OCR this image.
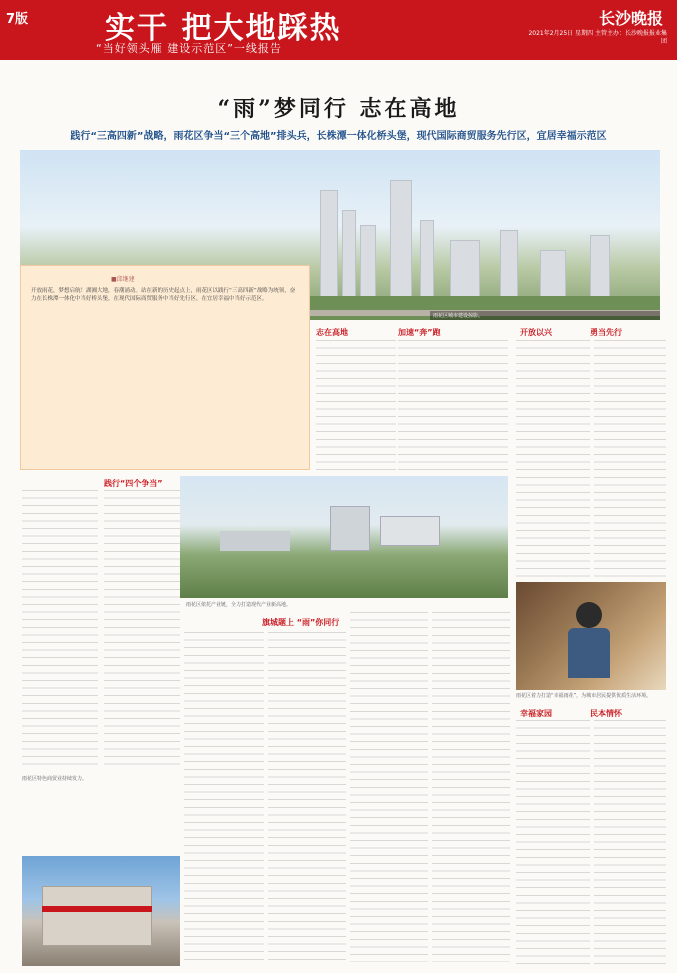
7版	实干 把大地踩热
“当好领头雁 建设示范区”一线报告
长沙晚报
2021年2月25日 星期四 主管主办：长沙晚报报业集团
“雨”梦同行 志在高地
践行“三高四新”战略，雨花区争当“三个高地”排头兵，长株潭一体化桥头堡，现代国际商贸服务先行区，宜居幸福示范区
雨花区城市建设掠影。
■邱继建
开放雨花，梦想启航！湖湘大地，春潮涌动。站在新的历史起点上，雨花区以践行“三高四新”战略为统领，奋力在长株潭一体化中当好桥头堡，在现代国际商贸服务中当好先行区，在宜居幸福中当好示范区。
志在高地	加速“奔”跑	开放以兴	勇当先行
践行“四个争当”
雨花区依托产业链，全力打造现代产业新高地。
旗城题上 “雨”你同行
雨花区着力打造“幸福雨花”，为城市居民提供优质生活环境。
幸福家园	民本情怀
雨花区特色商贸业持续发力。
